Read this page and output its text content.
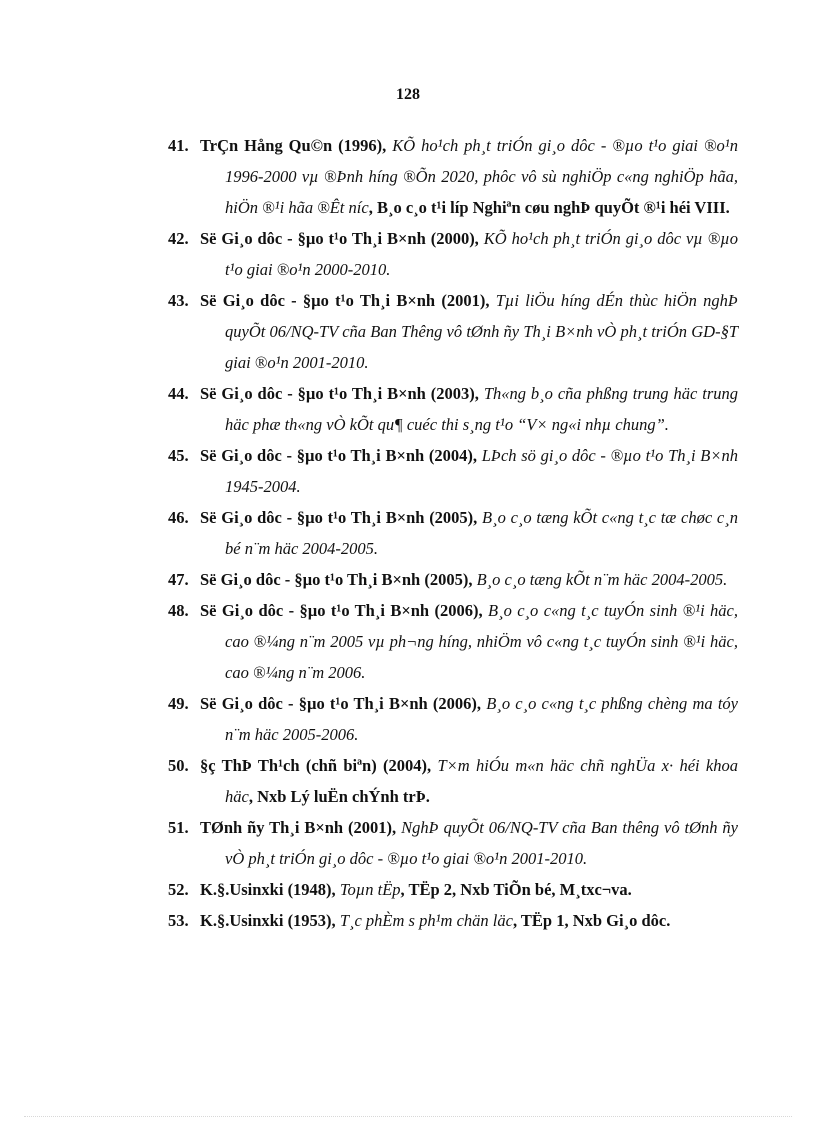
128
41. TrÇn Hång Qu©n (1996), KÕ ho¹ch ph¸t triÓn gi¸o dôc - ®µo t¹o giai ®o¹n 1996-2000 vµ ®Þnh híng ®Õn 2020, phôc vô sù nghiÖp c«ng nghiÖp hãa, hiÖn ®¹i hãa ®Êt níc, B¸o c¸o t¹i líp Nghiªn cøu nghÞ quyÕt ®¹i héi VIII.
42. Së Gi¸o dôc - §µo t¹o Th¸i B×nh (2000), KÕ ho¹ch ph¸t triÓn gi¸o dôc vµ ®µo t¹o giai ®o¹n 2000-2010.
43. Së Gi¸o dôc - §µo t¹o Th¸i B×nh (2001), Tµi liÖu híng dÉn thùc hiÖn nghÞ quyÕt 06/NQ-TV cña Ban Thêng vô tØnh ñy Th¸i B×nh vÒ ph¸t triÓn GD-§T giai ®o¹n 2001-2010.
44. Së Gi¸o dôc - §µo t¹o Th¸i B×nh (2003), Th«ng b¸o cña phßng trung häc trung häc phæ th«ng vÒ kÕt qu¶ cuéc thi s¸ng t¹o “V× ng«i nhµ chung”.
45. Së Gi¸o dôc - §µo t¹o Th¸i B×nh (2004), LÞch sö gi¸o dôc - ®µo t¹o Th¸i B×nh 1945-2004.
46. Së Gi¸o dôc - §µo t¹o Th¸i B×nh (2005), B¸o c¸o tæng kÕt c«ng t¸c tæ chøc c¸n bé n¨m häc 2004-2005.
47. Së Gi¸o dôc - §µo t¹o Th¸i B×nh (2005), B¸o c¸o tæng kÕt n¨m häc 2004-2005.
48. Së Gi¸o dôc - §µo t¹o Th¸i B×nh (2006), B¸o c¸o c«ng t¸c tuyÓn sinh ®¹i häc, cao ®¼ng n¨m 2005 vµ ph¬ng híng, nhiÖm vô c«ng t¸c tuyÓn sinh ®¹i häc, cao ®¼ng n¨m 2006.
49. Së Gi¸o dôc - §µo t¹o Th¸i B×nh (2006), B¸o c¸o c«ng t¸c phßng chèng ma tóy n¨m häc 2005-2006.
50. §ç ThÞ Th¹ch (chñ biªn) (2004), T×m hiÓu m«n häc chñ nghÜa x· héi khoa häc, Nxb Lý luËn chÝnh trÞ.
51. TØnh ñy Th¸i B×nh (2001), NghÞ quyÕt 06/NQ-TV cña Ban thêng vô tØnh ñy vÒ ph¸t triÓn gi¸o dôc - ®µo t¹o giai ®o¹n 2001-2010.
52. K.§.Usinxki (1948), Toµn tËp, TËp 2, Nxb TiÕn bé, M¸txc¬va.
53. K.§.Usinxki (1953), T¸c phÈm s ph¹m chän läc, TËp 1, Nxb Gi¸o dôc.
